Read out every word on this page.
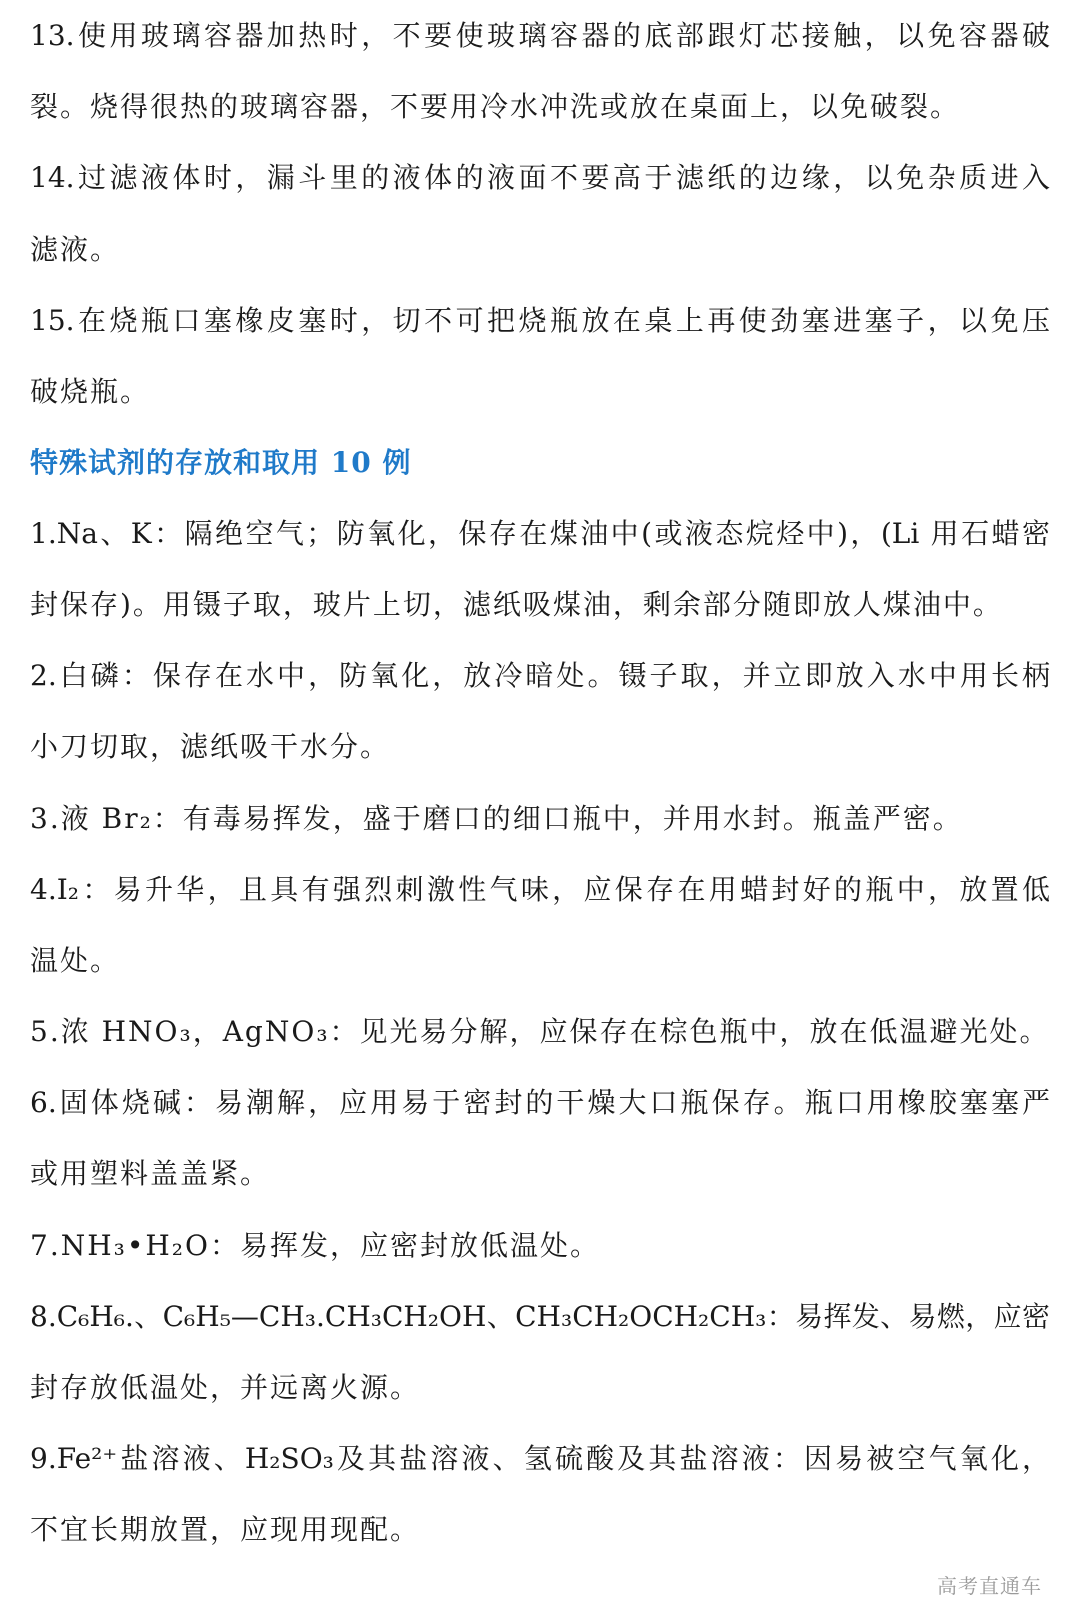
13.使用玻璃容器加热时，不要使玻璃容器的底部跟灯芯接触，以免容器破
裂。烧得很热的玻璃容器，不要用冷水冲洗或放在桌面上，以免破裂。
14.过滤液体时，漏斗里的液体的液面不要高于滤纸的边缘，以免杂质进入
滤液。
15.在烧瓶口塞橡皮塞时，切不可把烧瓶放在桌上再使劲塞进塞子，以免压
破烧瓶。
特殊试剂的存放和取用 10 例
1.Na、K：隔绝空气；防氧化，保存在煤油中(或液态烷烃中)，(Li 用石蜡密
封保存)。用镊子取，玻片上切，滤纸吸煤油，剩余部分随即放人煤油中。
2.白磷：保存在水中，防氧化，放冷暗处。镊子取，并立即放入水中用长柄
小刀切取，滤纸吸干水分。
3.液 Br₂：有毒易挥发，盛于磨口的细口瓶中，并用水封。瓶盖严密。
4.I₂：易升华，且具有强烈刺激性气味，应保存在用蜡封好的瓶中，放置低
温处。
5.浓 HNO₃，AgNO₃：见光易分解，应保存在棕色瓶中，放在低温避光处。
6.固体烧碱：易潮解，应用易于密封的干燥大口瓶保存。瓶口用橡胶塞塞严
或用塑料盖盖紧。
7.NH₃•H₂O：易挥发，应密封放低温处。
8.C₆H₆.、C₆H₅—CH₃.CH₃CH₂OH、CH₃CH₂OCH₂CH₃：易挥发、易燃，应密
封存放低温处，并远离火源。
9.Fe²⁺盐溶液、H₂SO₃及其盐溶液、氢硫酸及其盐溶液：因易被空气氧化，
不宜长期放置，应现用现配。
高考直通车
